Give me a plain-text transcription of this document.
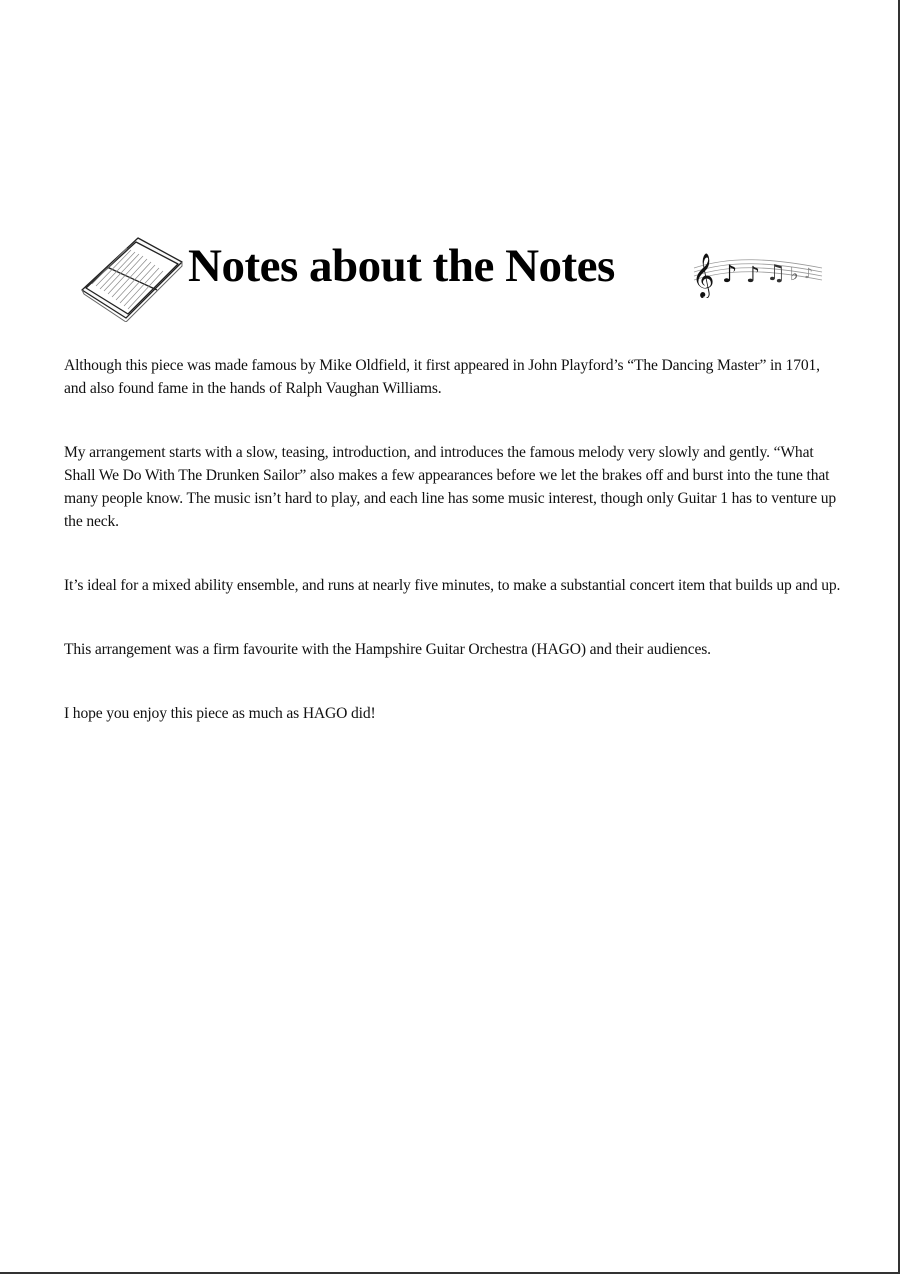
Notes about the Notes 𝄞 ♪ ♪ ♫ ♭ ♪

Although this piece was made famous by Mike Oldfield, it first appeared in John Playford’s “The Dancing Master” in 1701, and also found fame in the hands of Ralph Vaughan Williams.

My arrangement starts with a slow, teasing, introduction, and introduces the famous melody very slowly and gently. “What Shall We Do With The Drunken Sailor” also makes a few appearances before we let the brakes off and burst into the tune that many people know. The music isn’t hard to play, and each line has some music interest, though only Guitar 1 has to venture up the neck.

It’s ideal for a mixed ability ensemble, and runs at nearly five minutes, to make a substantial concert item that builds up and up.

This arrangement was a firm favourite with the Hampshire Guitar Orchestra (HAGO) and their audiences.

I hope you enjoy this piece as much as HAGO did!
